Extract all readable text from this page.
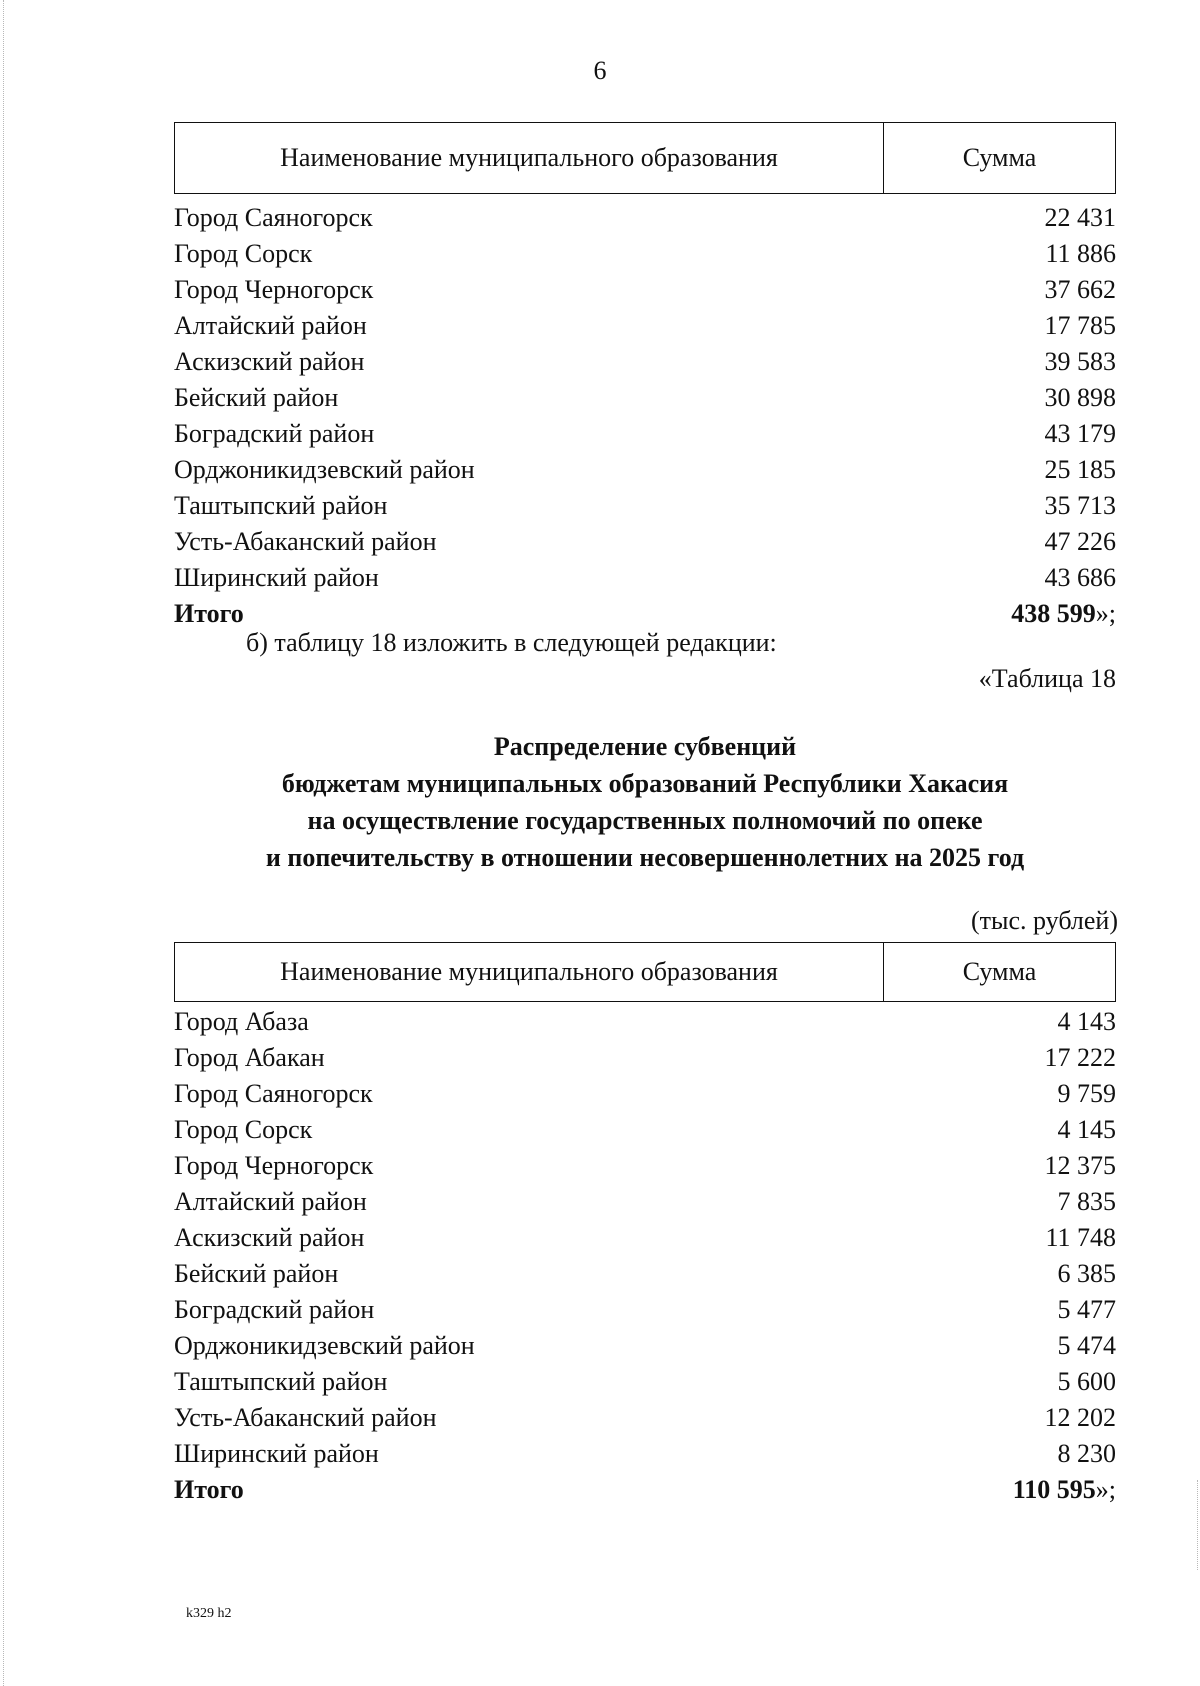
6
Наименование муниципального образования	Сумма
Город Саяногорск	22 431
Город Сорск	11 886
Город Черногорск	37 662
Алтайский район	17 785
Аскизский район	39 583
Бейский район	30 898
Боградский район	43 179
Орджоникидзевский район	25 185
Таштыпский район	35 713
Усть-Абаканский район	47 226
Ширинский район	43 686
Итого	438 599»;
б) таблицу 18 изложить в следующей редакции:
«Таблица 18
Распределение субвенций
бюджетам муниципальных образований Республики Хакасия
на осуществление государственных полномочий по опеке
и попечительству в отношении несовершеннолетних на 2025 год
(тыс. рублей)
Наименование муниципального образования	Сумма
Город Абаза	4 143
Город Абакан	17 222
Город Саяногорск	9 759
Город Сорск	4 145
Город Черногорск	12 375
Алтайский район	7 835
Аскизский район	11 748
Бейский район	6 385
Боградский район	5 477
Орджоникидзевский район	5 474
Таштыпский район	5 600
Усть-Абаканский район	12 202
Ширинский район	8 230
Итого	110 595»;
k329 h2
